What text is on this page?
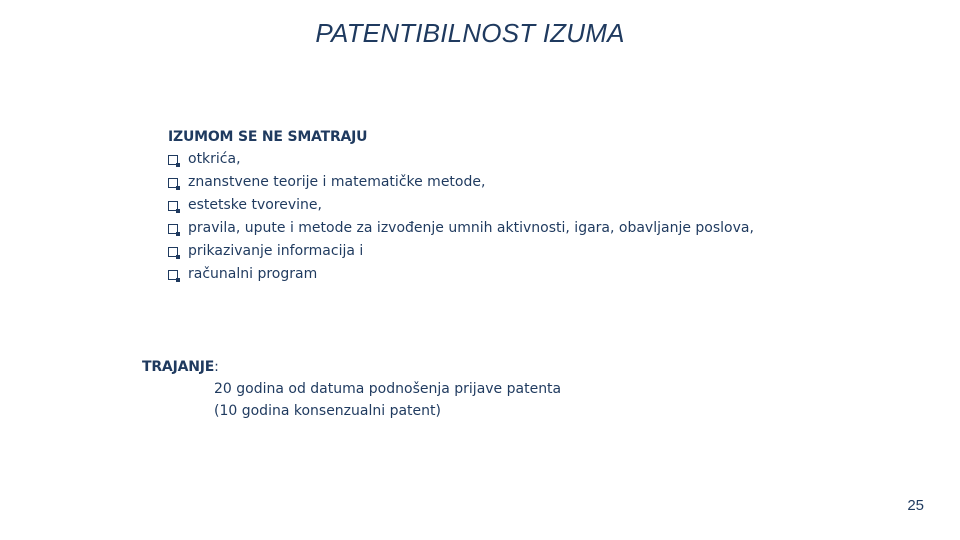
PATENTIBILNOST IZUMA
IZUMOM SE NE SMATRAJU
otkrića,
znanstvene teorije i matematičke metode,
estetske tvorevine,
pravila, upute i metode za izvođenje umnih aktivnosti, igara, obavljanje poslova,
prikazivanje informacija i
računalni program
TRAJANJE:
20 godina od datuma podnošenja prijave patenta
(10 godina konsenzualni patent)
25
